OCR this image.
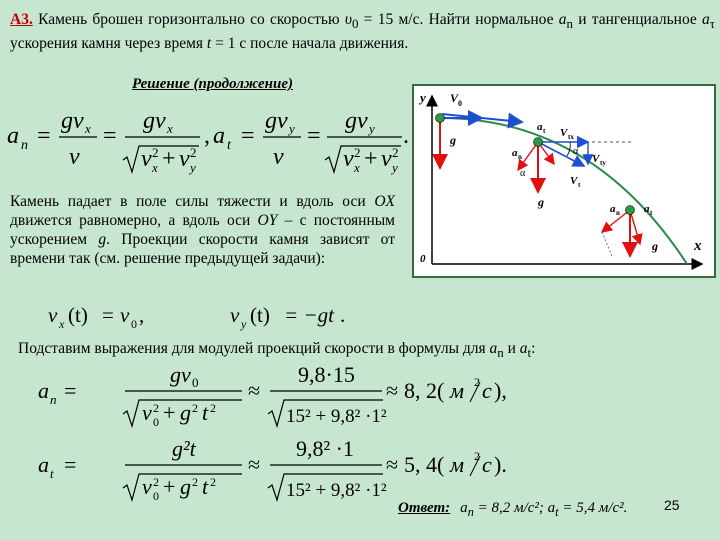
А3. Камень брошен горизонтально со скоростью $\upsilon_0 = 15$ м/с. Найти нормальное $a_n$ и тангенциальное $a_\tau$ ускорения камня через время t = 1 с после начала движения.
Решение (продолжение)
a n =
g v x
v
=
g v x
v 2
x + v 2
y
, a t =
g v y
v
=
g v y
v 2
x + v 2
y
.
Камень падает в поле силы тяжести и вдоль оси OX движется равномерно, а вдоль оси OY – с постоянным ускорением g. Проекции скорости камня зависят от времени так (см. решение предыдущей задачи):
v x (t) = v 0 ,	v y (t) = −gt .
Подставим выражения для модулей проекций скорости в формулы для $a_n$ и $a_t$:
a n =
gv 0
v 2
0 + g 2 t 2
≈
9,8·15
15² + 9,8² ·1²
≈ 8, 2( м 2 с ),
a t =
g²t
v 2
0 + g 2 t 2
≈
9,8² ·1
15² + 9,8² ·1²
≈ 5, 4( м 2 с ).
y
x
0
V 0
g	V tx
V ty
V t
a t
a n	α
α
g	a n a t
g
Ответ: $a_n = 8,2$ м/с²; $a_t = 5,4$ м/с².	25
